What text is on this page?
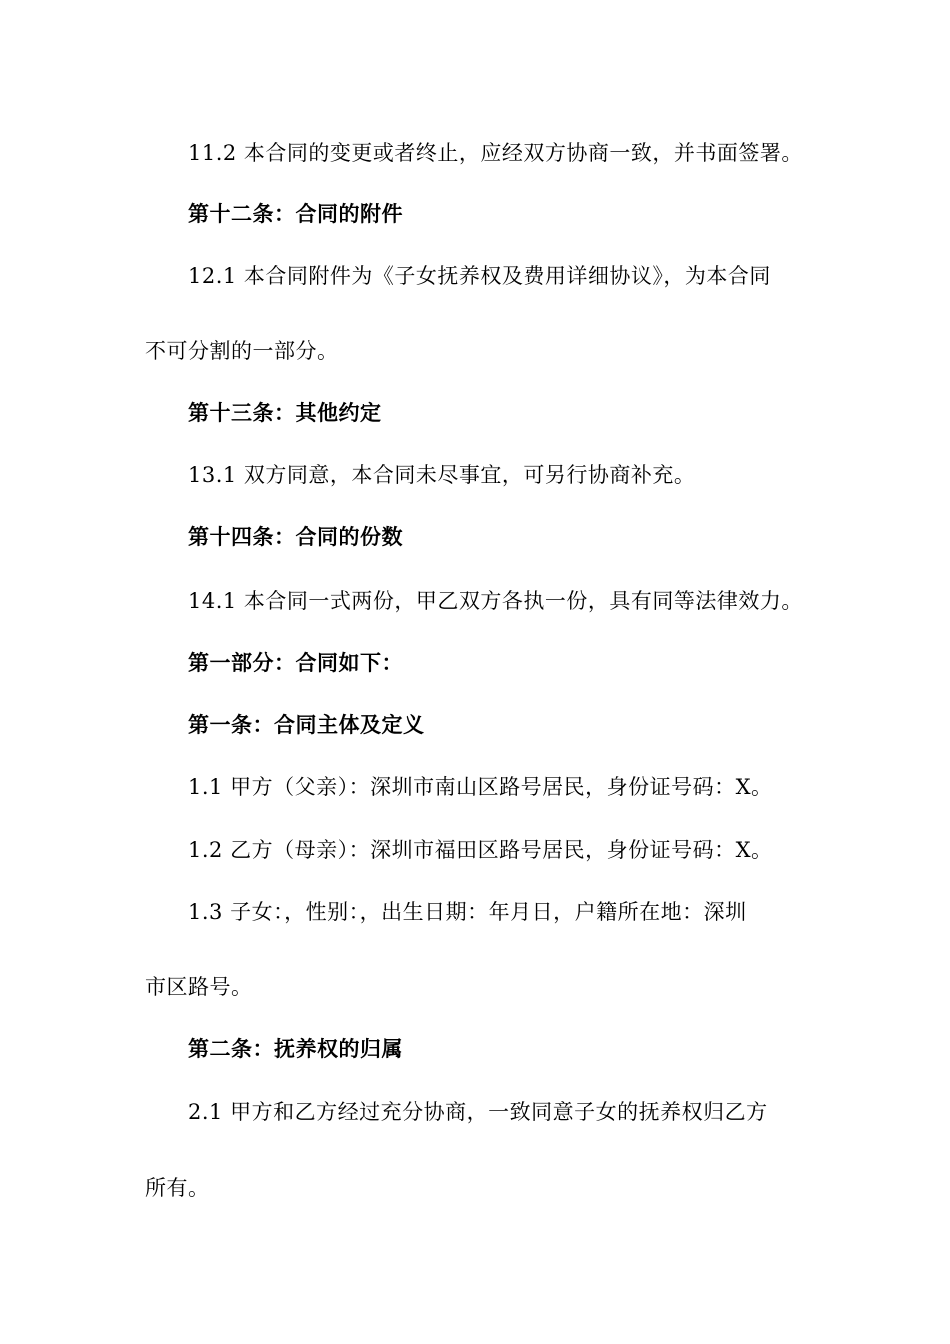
11.2 本合同的变更或者终止，应经双方协商一致，并书面签署。
第十二条：合同的附件
12.1 本合同附件为《子女抚养权及费用详细协议》，为本合同
不可分割的一部分。
第十三条：其他约定
13.1 双方同意，本合同未尽事宜，可另行协商补充。
第十四条：合同的份数
14.1 本合同一式两份，甲乙双方各执一份，具有同等法律效力。
第一部分：合同如下：
第一条：合同主体及定义
1.1 甲方（父亲）：深圳市南山区路号居民，身份证号码：X。
1.2 乙方（母亲）：深圳市福田区路号居民，身份证号码：X。
1.3 子女：，性别：，出生日期：年月日，户籍所在地：深圳
市区路号。
第二条：抚养权的归属
2.1 甲方和乙方经过充分协商，一致同意子女的抚养权归乙方
所有。
